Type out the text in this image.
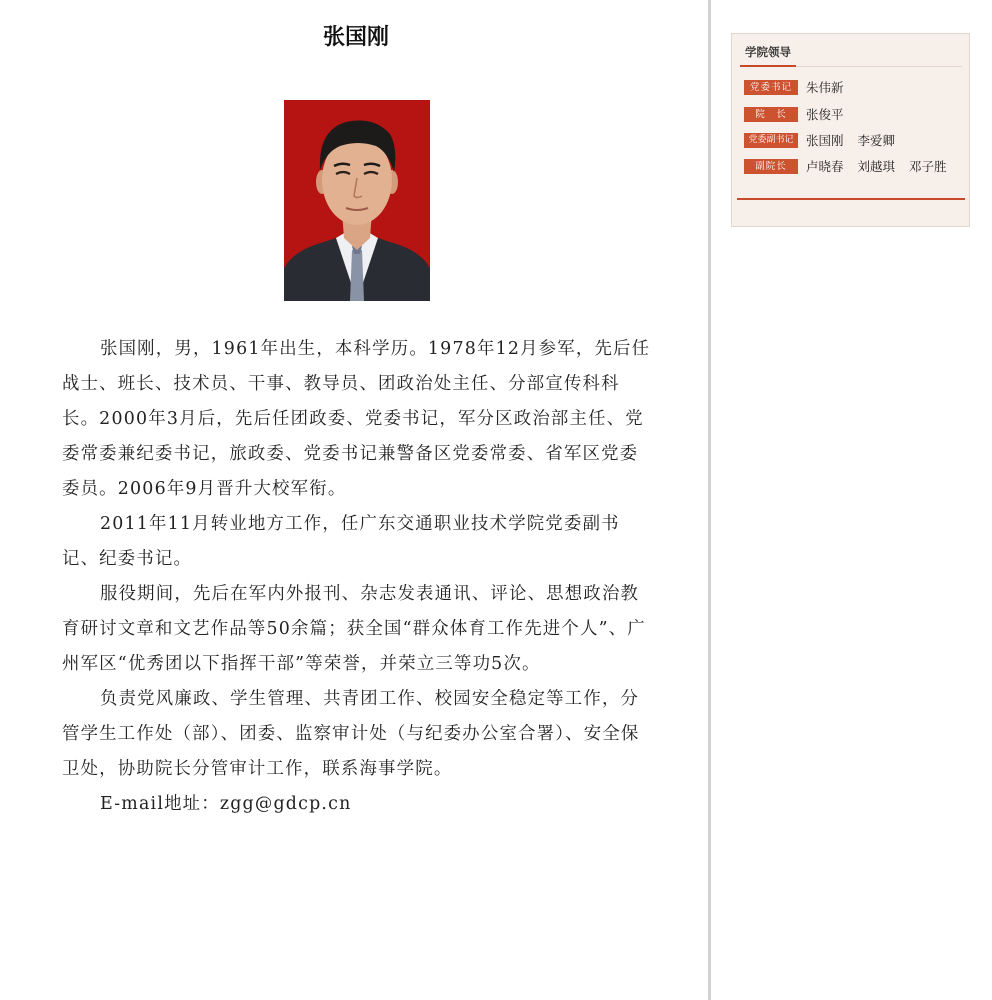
张国刚

张国刚，男，1961年出生，本科学历。1978年12月参军，先后任战士、班长、技术员、干事、教导员、团政治处主任、分部宣传科科长。2000年3月后，先后任团政委、党委书记，军分区政治部主任、党委常委兼纪委书记，旅政委、党委书记兼警备区党委常委、省军区党委委员。2006年9月晋升大校军衔。

2011年11月转业地方工作，任广东交通职业技术学院党委副书记、纪委书记。

服役期间，先后在军内外报刊、杂志发表通讯、评论、思想政治教育研讨文章和文艺作品等50余篇；获全国“群众体育工作先进个人”、广州军区“优秀团以下指挥干部”等荣誉，并荣立三等功5次。

负责党风廉政、学生管理、共青团工作、校园安全稳定等工作，分管学生工作处（部）、团委、监察审计处（与纪委办公室合署）、安全保卫处，协助院长分管审计工作，联系海事学院。

E-mail地址：zgg@gdcp.cn

学院领导
党委书记	朱伟新
院　长	张俊平
党委副书记	张国刚 李爱卿
副院长	卢晓春 刘越琪 邓子胜
